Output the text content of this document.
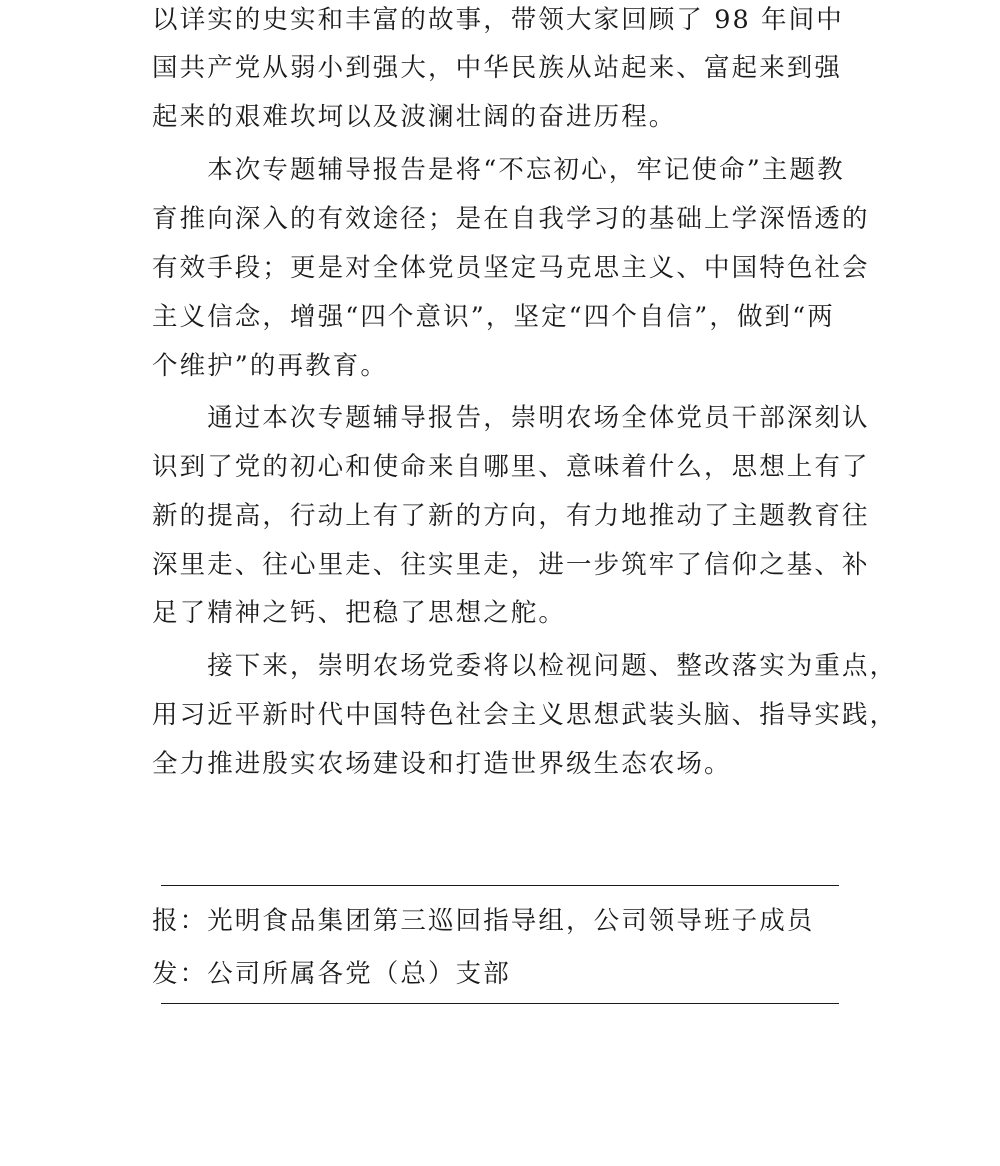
以详实的史实和丰富的故事，带领大家回顾了 98 年间中
国共产党从弱小到强大，中华民族从站起来、富起来到强
起来的艰难坎坷以及波澜壮阔的奋进历程。
　　本次专题辅导报告是将“不忘初心，牢记使命”主题教
育推向深入的有效途径；是在自我学习的基础上学深悟透的
有效手段；更是对全体党员坚定马克思主义、中国特色社会
主义信念，增强“四个意识”，坚定“四个自信”，做到“两
个维护”的再教育。
　　通过本次专题辅导报告，崇明农场全体党员干部深刻认
识到了党的初心和使命来自哪里、意味着什么，思想上有了
新的提高，行动上有了新的方向，有力地推动了主题教育往
深里走、往心里走、往实里走，进一步筑牢了信仰之基、补
足了精神之钙、把稳了思想之舵。
　　接下来，崇明农场党委将以检视问题、整改落实为重点，
用习近平新时代中国特色社会主义思想武装头脑、指导实践，
全力推进殷实农场建设和打造世界级生态农场。
报：光明食品集团第三巡回指导组，公司领导班子成员
发：公司所属各党（总）支部
